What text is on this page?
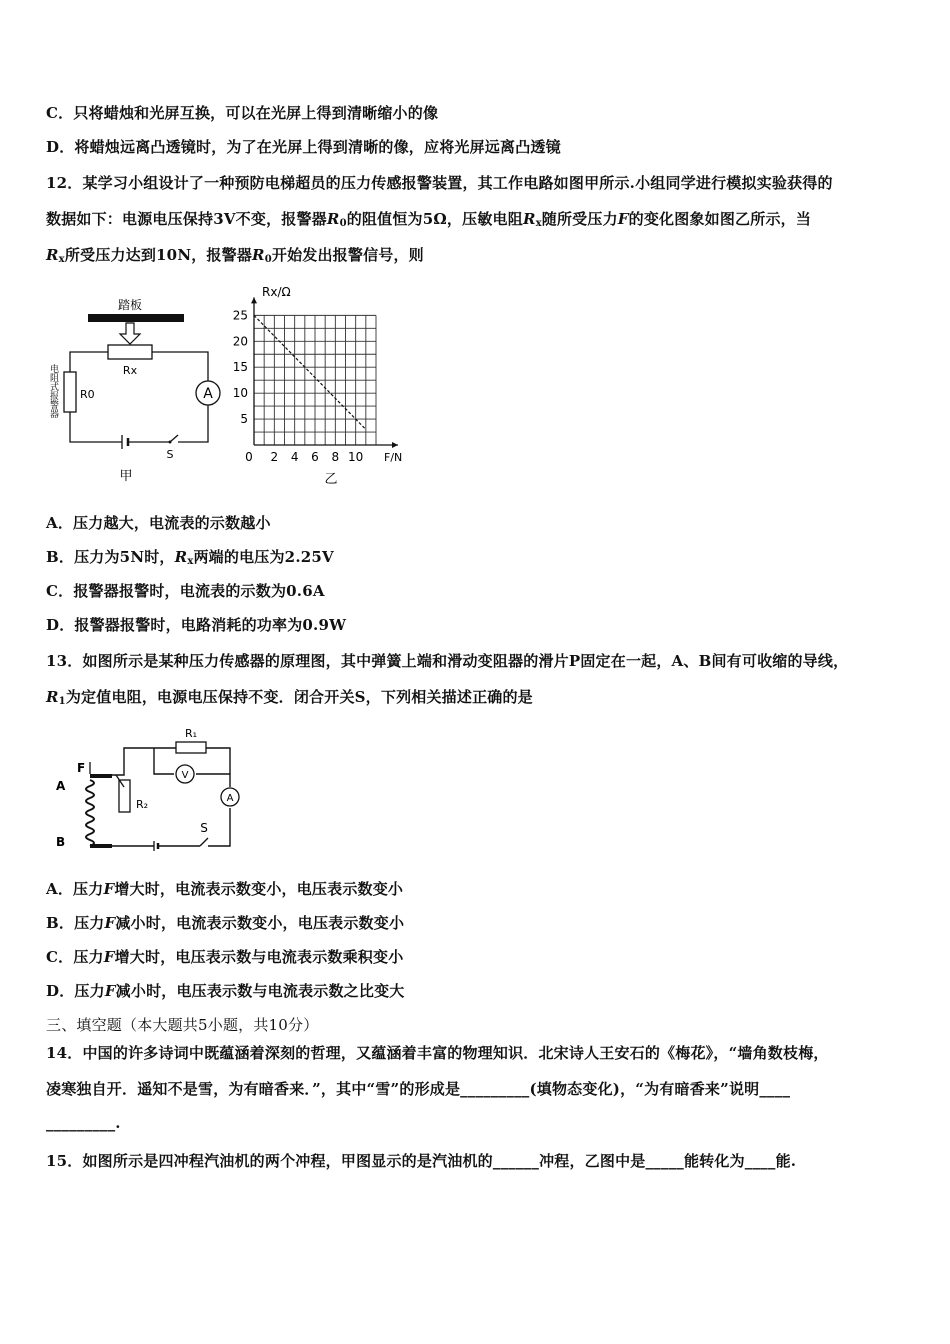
C．只将蜡烛和光屏互换，可以在光屏上得到清晰缩小的像
D．将蜡烛远离凸透镜时，为了在光屏上得到清晰的像，应将光屏远离凸透镜
12．某学习小组设计了一种预防电梯超员的压力传感报警装置，其工作电路如图甲所示.小组同学进行模拟实验获得的
数据如下：电源电压保持3V不变，报警器$R_0$的阻值恒为5Ω，压敏电阻$R_x$随所受压力F的变化图象如图乙所示，当
$R_x$所受压力达到10N，报警器$R_0$开始发出报警信号，则
踏板
Rx
R0
电阻式报警器	A
S
甲
25
20
15
10
5
0 2 4 6 8 10
Rx/Ω
F/N
乙
A．压力越大，电流表的示数越小
B．压力为5N时，$R_x$两端的电压为2.25V
C．报警器报警时，电流表的示数为0.6A
D．报警器报警时，电路消耗的功率为0.9W
13．如图所示是某种压力传感器的原理图，其中弹簧上端和滑动变阻器的滑片P固定在一起，A、B间有可收缩的导线，
$R_1$为定值电阻，电源电压保持不变．闭合开关S，下列相关描述正确的是
R₁
V
A
R₂
F
A
B
S
A．压力F增大时，电流表示数变小，电压表示数变小
B．压力F减小时，电流表示数变小，电压表示数变小
C．压力F增大时，电压表示数与电流表示数乘积变小
D．压力F减小时，电压表示数与电流表示数之比变大
三、填空题（本大题共5小题，共10分）
14．中国的许多诗词中既蕴涵着深刻的哲理，又蕴涵着丰富的物理知识．北宋诗人王安石的《梅花》，“墙角数枝梅，
凌寒独自开．遥知不是雪，为有暗香来．”，其中“雪”的形成是_________(填物态变化)，“为有暗香来”说明____
_________.
15．如图所示是四冲程汽油机的两个冲程，甲图显示的是汽油机的______冲程，乙图中是_____能转化为____能.
